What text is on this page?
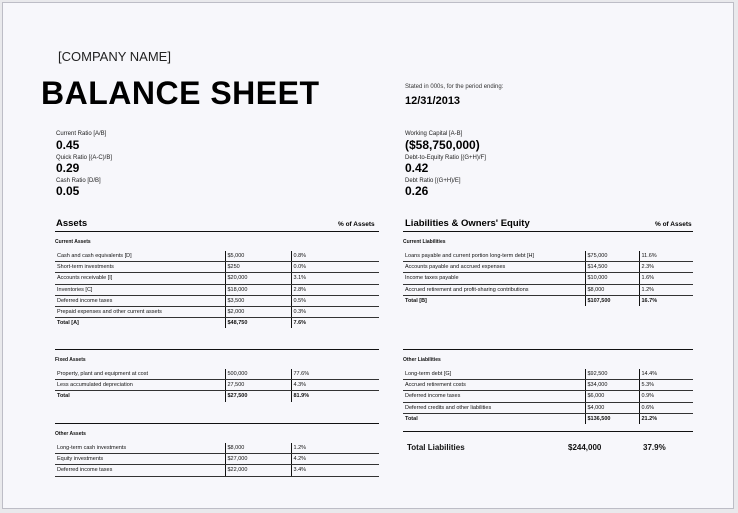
[COMPANY NAME]
BALANCE SHEET	Stated in 000s, for the period ending:
12/31/2013
Current Ratio [A/B]
0.45
Quick Ratio [(A-C)/B]
0.29
Cash Ratio [D/B]
0.05
Working Capital [A-B]
($58,750,000)
Debt-to-Equity Ratio [(G+H)/F]
0.42
Debt Ratio [(G+H)/E]
0.26
Assets	% of Assets	Liabilities & Owners' Equity	% of Assets
Current Assets
Cash and cash equivalents [D]	$5,000	0.8%
Short-term investments	$250	0.0%
Accounts receivable [I]	$20,000	3.1%
Inventories [C]	$18,000	2.8%
Deferred income taxes	$3,500	0.5%
Prepaid expenses and other current assets	$2,000	0.3%
Total [A]	$48,750	7.6%
Fixed Assets
Property, plant and equipment at cost	500,000	77.6%
Less accumulated depreciation	27,500	4.3%
Total	$27,500	81.9%
Other Assets
Long-term cash investments	$8,000	1.2%
Equity investments	$27,000	4.2%
Deferred income taxes	$22,000	3.4%
Current Liabilities
Loans payable and current portion long-term debt [H]	$75,000	11.6%
Accounts payable and accrued expenses	$14,500	2.3%
Income taxes payable	$10,000	1.6%
Accrued retirement and profit-sharing contributions	$8,000	1.2%
Total [B]	$107,500	16.7%
Other Liabilities
Long-term debt [G]	$92,500	14.4%
Accrued retirement costs	$34,000	5.3%
Deferred income taxes	$6,000	0.9%
Deferred credits and other liabilities	$4,000	0.6%
Total	$136,500	21.2%
Total Liabilities	$244,000	37.9%
